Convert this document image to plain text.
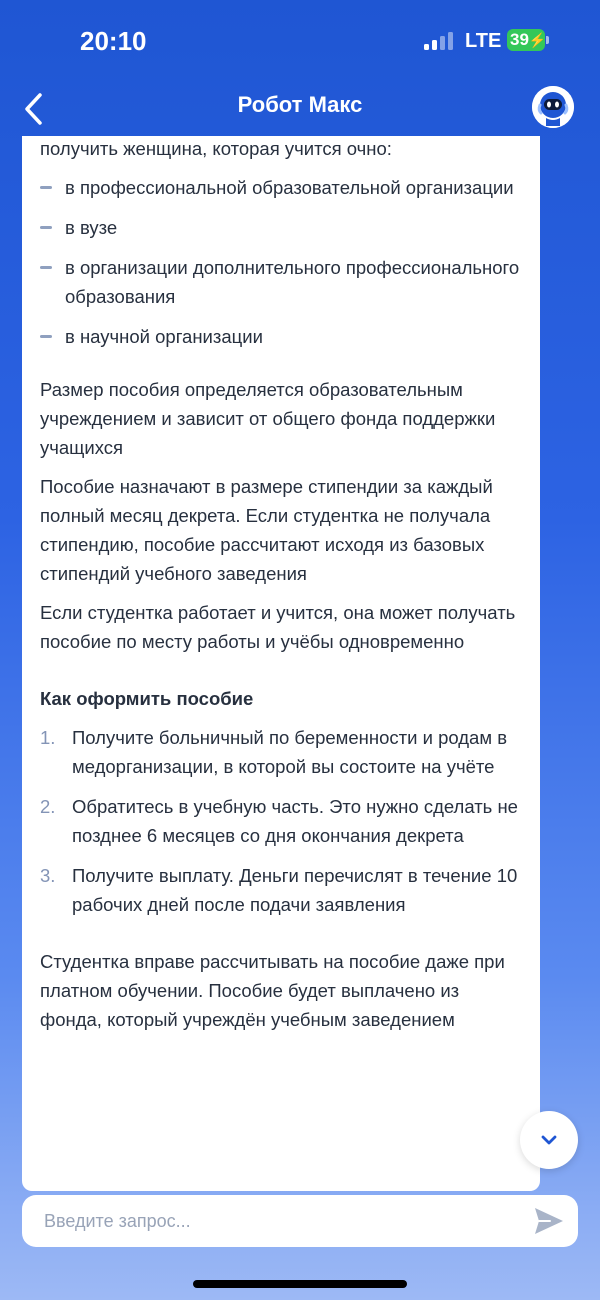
20:10	LTE 39⚡
Робот Макс
получить женщина, которая учится очно:
в профессиональной образовательной организации
в вузе
в организации дополнительного профессионального образования
в научной организации

Размер пособия определяется образовательным учреждением и зависит от общего фонда поддержки учащихся

Пособие назначают в размере стипендии за каждый полный месяц декрета. Если студентка не получала стипендию, пособие рассчитают исходя из базовых стипендий учебного заведения

Если студентка работает и учится, она может получать пособие по месту работы и учёбы одновременно

Как оформить пособие
1. Получите больничный по беременности и родам в медорганизации, в которой вы состоите на учёте
2. Обратитесь в учебную часть. Это нужно сделать не позднее 6 месяцев со дня окончания декрета
3. Получите выплату. Деньги перечислят в течение 10 рабочих дней после подачи заявления

Студентка вправе рассчитывать на пособие даже при платном обучении. Пособие будет выплачено из фонда, который учреждён учебным заведением

Введите запрос...
